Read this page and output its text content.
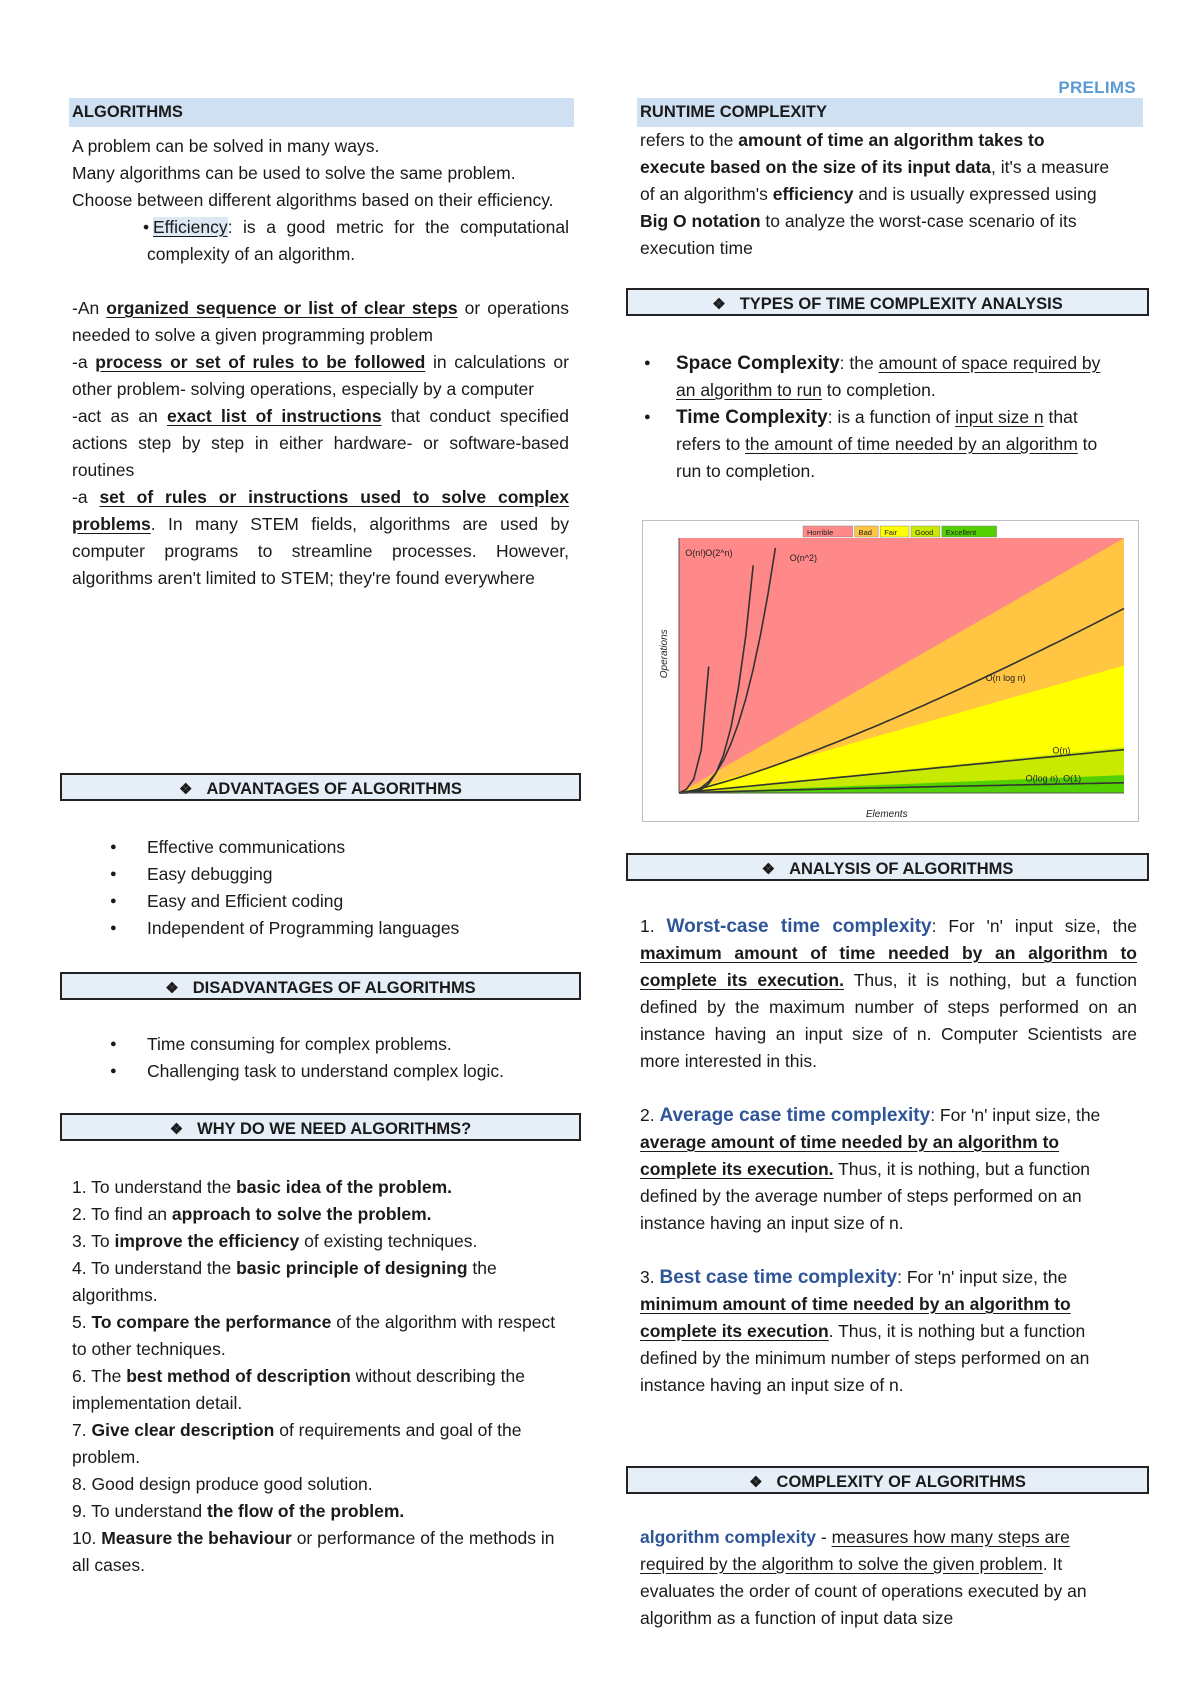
PRELIMS
ALGORITHMS

A problem can be solved in many ways.

Many algorithms can be used to solve the same problem.

Choose between different algorithms based on their efficiency.

• Efficiency: is a good metric for the computational complexity of an algorithm.

-An organized sequence or list of clear steps or operations needed to solve a given programming problem

-a process or set of rules to be followed in calculations or other problem- solving operations, especially by a computer

-act as an exact list of instructions that conduct specified actions step by step in either hardware- or software-based routines

-a set of rules or instructions used to solve complex problems. In many STEM fields, algorithms are used by computer programs to streamline processes. However, algorithms aren't limited to STEM; they're found everywhere

❖ ADVANTAGES OF ALGORITHMS
● Effective communications
● Easy debugging
● Easy and Efficient coding
● Independent of Programming languages
❖ DISADVANTAGES OF ALGORITHMS
● Time consuming for complex problems.
● Challenging task to understand complex logic.
❖ WHY DO WE NEED ALGORITHMS?

1. To understand the basic idea of the problem.

2. To find an approach to solve the problem.

3. To improve the efficiency of existing techniques.

4. To understand the basic principle of designing the algorithms.

5. To compare the performance of the algorithm with respect to other techniques.

6. The best method of description without describing the implementation detail.

7. Give clear description of requirements and goal of the problem.

8. Good design produce good solution.

9. To understand the flow of the problem.

10. Measure the behaviour or performance of the methods in all cases.

RUNTIME COMPLEXITY

refers to the amount of time an algorithm takes to execute based on the size of its input data, it's a measure of an algorithm's efficiency and is usually expressed using Big O notation to analyze the worst-case scenario of its execution time

❖ TYPES OF TIME COMPLEXITY ANALYSIS
● Space Complexity: the amount of space required by an algorithm to run to completion.
● Time Complexity: is a function of input size n that refers to the amount of time needed by an algorithm to run to completion.
Elements
Operations
O(n!) O(2^n)
O(n^2)
O(n log n)
O(n)
O(log n), O(1)
Horrible	Bad Fair Good Excellent
❖ ANALYSIS OF ALGORITHMS

1. Worst-case time complexity: For 'n' input size, the maximum amount of time needed by an algorithm to complete its execution. Thus, it is nothing, but a function defined by the maximum number of steps performed on an instance having an input size of n. Computer Scientists are more interested in this.

2. Average case time complexity: For 'n' input size, the average amount of time needed by an algorithm to complete its execution. Thus, it is nothing, but a function defined by the average number of steps performed on an instance having an input size of n.

3. Best case time complexity: For 'n' input size, the minimum amount of time needed by an algorithm to complete its execution. Thus, it is nothing but a function defined by the minimum number of steps performed on an instance having an input size of n.

❖ COMPLEXITY OF ALGORITHMS

algorithm complexity - measures how many steps are required by the algorithm to solve the given problem. It evaluates the order of count of operations executed by an algorithm as a function of input data size
